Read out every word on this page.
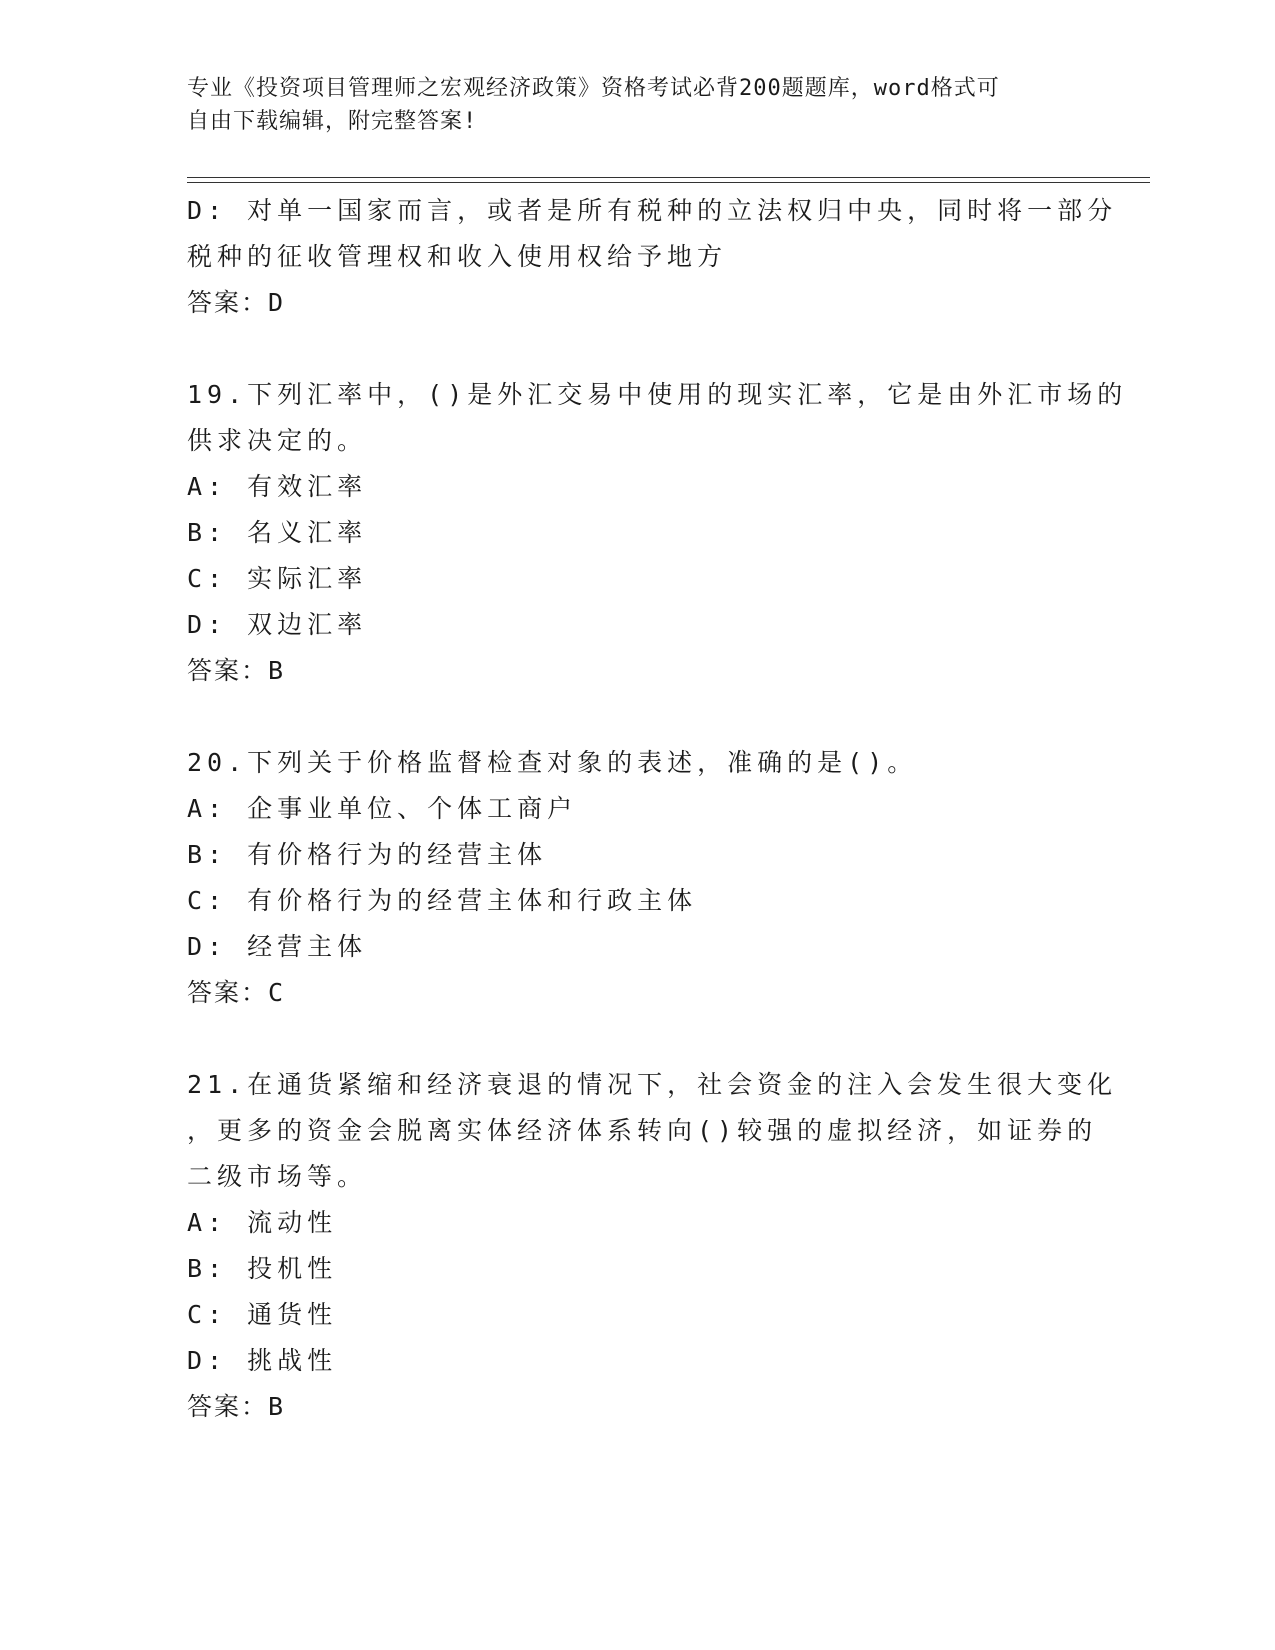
专业《投资项目管理师之宏观经济政策》资格考试必背200题题库，word格式可
自由下载编辑，附完整答案!
D: 对单一国家而言，或者是所有税种的立法权归中央，同时将一部分
税种的征收管理权和收入使用权给予地方
答案：D
19.下列汇率中，()是外汇交易中使用的现实汇率，它是由外汇市场的
供求决定的。
A: 有效汇率
B: 名义汇率
C: 实际汇率
D: 双边汇率
答案：B
20.下列关于价格监督检查对象的表述，准确的是()。
A: 企事业单位、个体工商户
B: 有价格行为的经营主体
C: 有价格行为的经营主体和行政主体
D: 经营主体
答案：C
21.在通货紧缩和经济衰退的情况下，社会资金的注入会发生很大变化
，更多的资金会脱离实体经济体系转向()较强的虚拟经济，如证券的
二级市场等。
A: 流动性
B: 投机性
C: 通货性
D: 挑战性
答案：B
